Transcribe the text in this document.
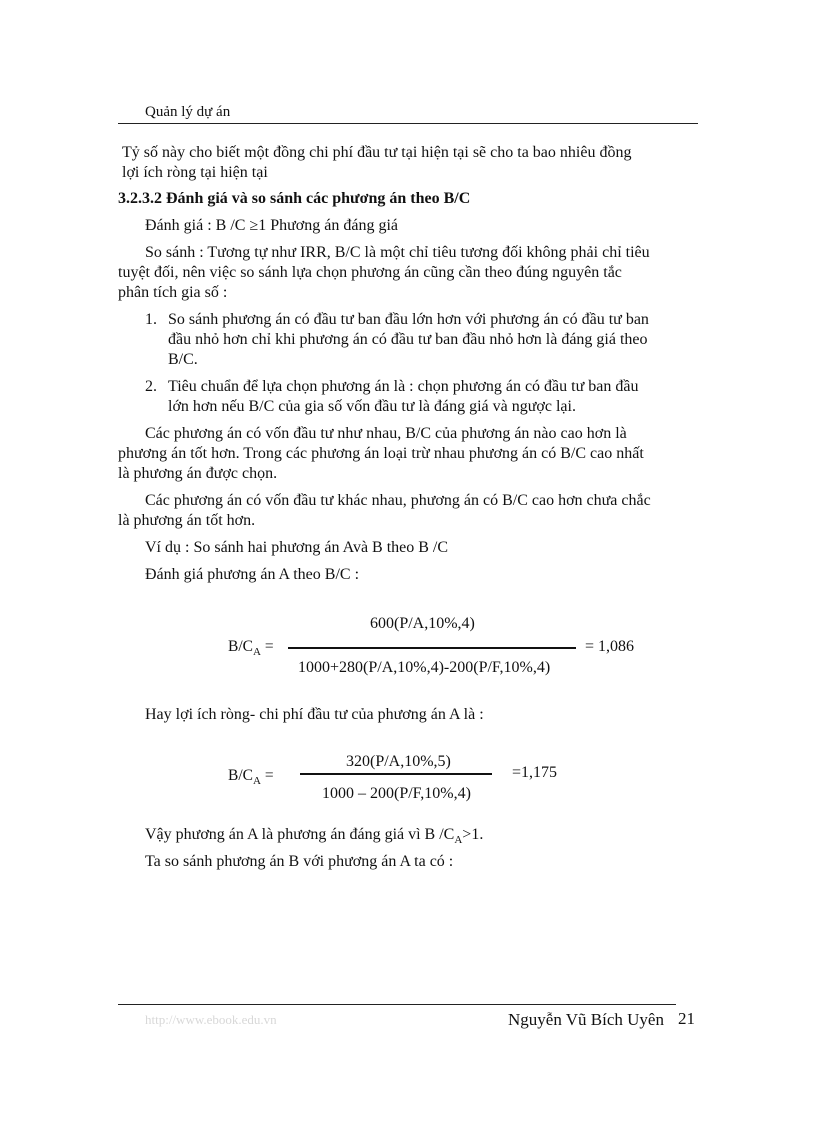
Quản lý dự án
Tỷ số này cho biết một đồng chi phí đầu tư tại hiện tại sẽ cho ta bao nhiêu đồng
lợi ích ròng tại hiện tại
3.2.3.2 Đánh giá và so sánh các phương án theo B/C
Đánh giá : B /C ≥1 Phương án đáng giá
So sánh : Tương tự như IRR, B/C là một chỉ tiêu tương đối không phải chỉ tiêu
tuyệt đối, nên việc so sánh lựa chọn phương án cũng cần theo đúng nguyên tắc
phân tích gia số :
1. So sánh phương án có đầu tư ban đầu lớn hơn với phương án có đầu tư ban
đầu nhỏ hơn chỉ khi phương án có đầu tư ban đầu nhỏ hơn là đáng giá theo
B/C.
2. Tiêu chuẩn để lựa chọn phương án là : chọn phương án có đầu tư ban đầu
lớn hơn nếu B/C của gia số vốn đầu tư là đáng giá và ngược lại.
Các phương án có vốn đầu tư như nhau, B/C của phương án nào cao hơn là
phương án tốt hơn. Trong các phương án loại trừ nhau phương án có B/C cao nhất
là phương án được chọn.
Các phương án có vốn đầu tư khác nhau, phương án có B/C cao hơn chưa chắc
là phương án tốt hơn.
Ví dụ : So sánh hai phương án Avà B theo B /C
Đánh giá phương án A theo B/C :
$B/C_A$ =
600(P/A,10%,4)
1000+280(P/A,10%,4)-200(P/F,10%,4)
= 1,086
Hay lợi ích ròng- chi phí đầu tư của phương án A là :
$B/C_A$ =
320(P/A,10%,5)
1000 – 200(P/F,10%,4)
=1,175
Vậy phương án A là phương án đáng giá vì B $/C_A>1$.
Ta so sánh phương án B với phương án A ta có :
http://www.ebook.edu.vn	Nguyễn Vũ Bích Uyên 21
